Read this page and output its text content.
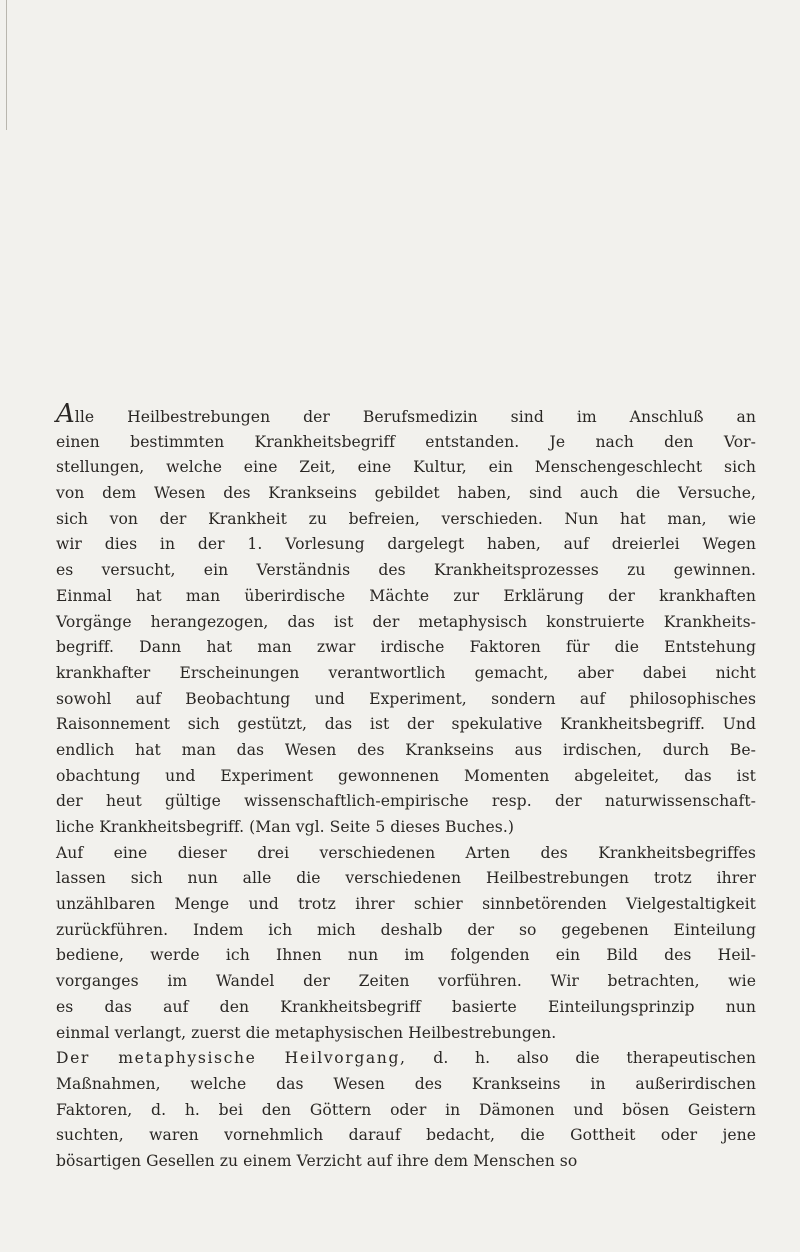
Alle Heilbestrebungen der Berufsmedizin sind im Anschluß an
einen bestimmten Krankheitsbegriff entstanden. Je nach den Vor-
stellungen, welche eine Zeit, eine Kultur, ein Menschengeschlecht sich
von dem Wesen des Krankseins gebildet haben, sind auch die Versuche,
sich von der Krankheit zu befreien, verschieden. Nun hat man, wie
wir dies in der 1. Vorlesung dargelegt haben, auf dreierlei Wegen
es versucht, ein Verständnis des Krankheitsprozesses zu gewinnen.
Einmal hat man überirdische Mächte zur Erklärung der krankhaften
Vorgänge herangezogen, das ist der metaphysisch konstruierte Krankheits-
begriff. Dann hat man zwar irdische Faktoren für die Entstehung
krankhafter Erscheinungen verantwortlich gemacht, aber dabei nicht
sowohl auf Beobachtung und Experiment, sondern auf philosophisches
Raisonnement sich gestützt, das ist der spekulative Krankheitsbegriff. Und
endlich hat man das Wesen des Krankseins aus irdischen, durch Be-
obachtung und Experiment gewonnenen Momenten abgeleitet, das ist
der heut gültige wissenschaftlich-empirische resp. der naturwissenschaft-
liche Krankheitsbegriff. (Man vgl. Seite 5 dieses Buches.)
Auf eine dieser drei verschiedenen Arten des Krankheitsbegriffes
lassen sich nun alle die verschiedenen Heilbestrebungen trotz ihrer
unzählbaren Menge und trotz ihrer schier sinnbetörenden Vielgestaltigkeit
zurückführen. Indem ich mich deshalb der so gegebenen Einteilung
bediene, werde ich Ihnen nun im folgenden ein Bild des Heil-
vorganges im Wandel der Zeiten vorführen. Wir betrachten, wie
es das auf den Krankheitsbegriff basierte Einteilungsprinzip nun
einmal verlangt, zuerst die metaphysischen Heilbestrebungen.
Der metaphysische Heilvorgang, d. h. also die therapeutischen
Maßnahmen, welche das Wesen des Krankseins in außerirdischen
Faktoren, d. h. bei den Göttern oder in Dämonen und bösen Geistern
suchten, waren vornehmlich darauf bedacht, die Gottheit oder jene
bösartigen Gesellen zu einem Verzicht auf ihre dem Menschen so
